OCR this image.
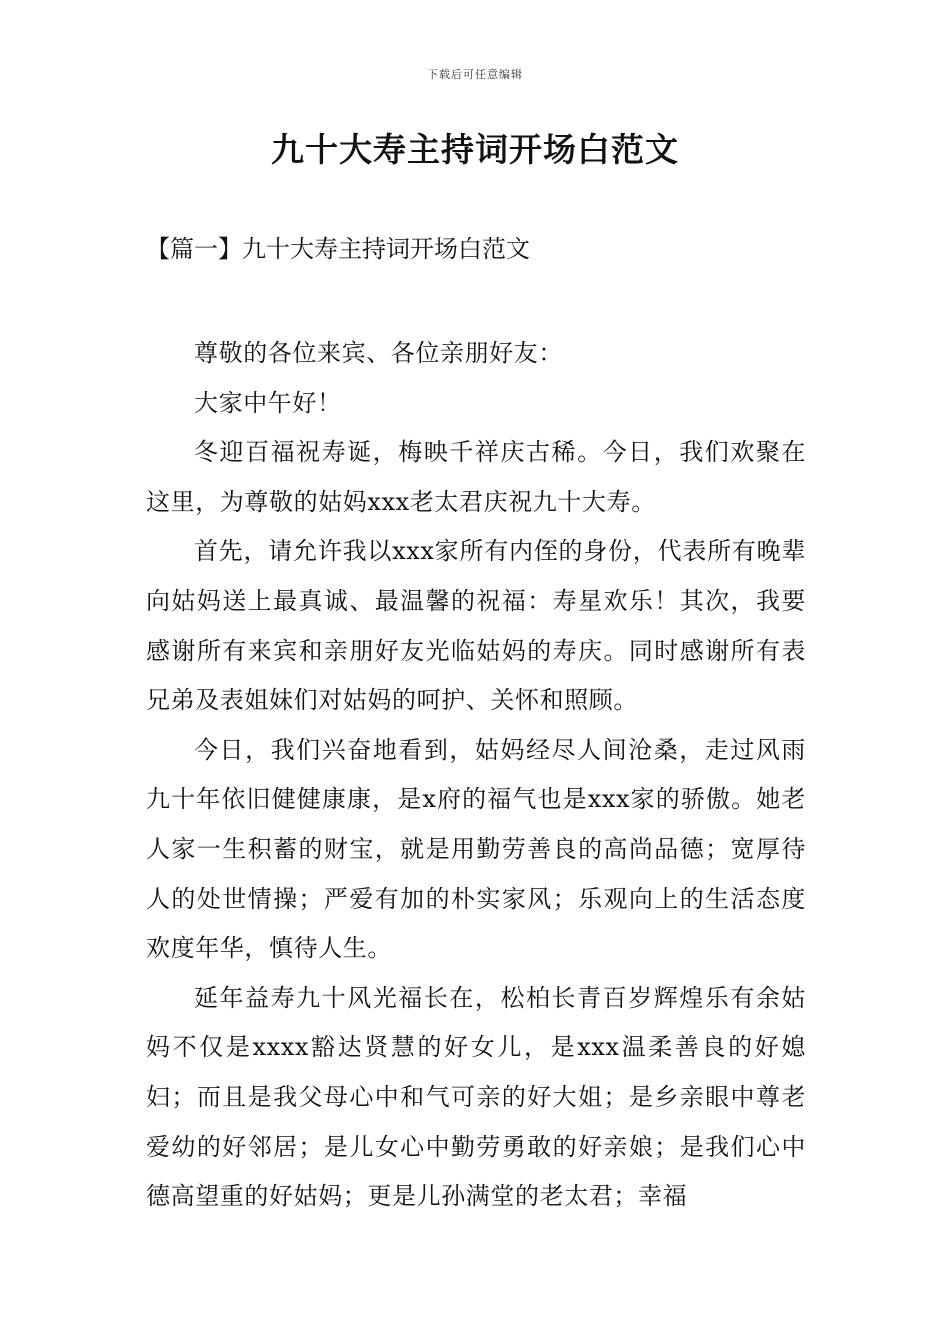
下载后可任意编辑
九十大寿主持词开场白范文
【篇一】九十大寿主持词开场白范文

尊敬的各位来宾、各位亲朋好友：

大家中午好！

冬迎百福祝寿诞，梅映千祥庆古稀。今日，我们欢聚在这里，为尊敬的姑妈xxx老太君庆祝九十大寿。

首先，请允许我以xxx家所有内侄的身份，代表所有晚辈向姑妈送上最真诚、最温馨的祝福：寿星欢乐！其次，我要感谢所有来宾和亲朋好友光临姑妈的寿庆。同时感谢所有表兄弟及表姐妹们对姑妈的呵护、关怀和照顾。

今日，我们兴奋地看到，姑妈经尽人间沧桑，走过风雨九十年依旧健健康康，是x府的福气也是xxx家的骄傲。她老人家一生积蓄的财宝，就是用勤劳善良的高尚品德；宽厚待人的处世情操；严爱有加的朴实家风；乐观向上的生活态度欢度年华，慎待人生。

延年益寿九十风光福长在，松柏长青百岁辉煌乐有余姑妈不仅是xxxx豁达贤慧的好女儿，是xxx温柔善良的好媳妇；而且是我父母心中和气可亲的好大姐；是乡亲眼中尊老爱幼的好邻居；是儿女心中勤劳勇敢的好亲娘；是我们心中德高望重的好姑妈；更是儿孙满堂的老太君；幸福
